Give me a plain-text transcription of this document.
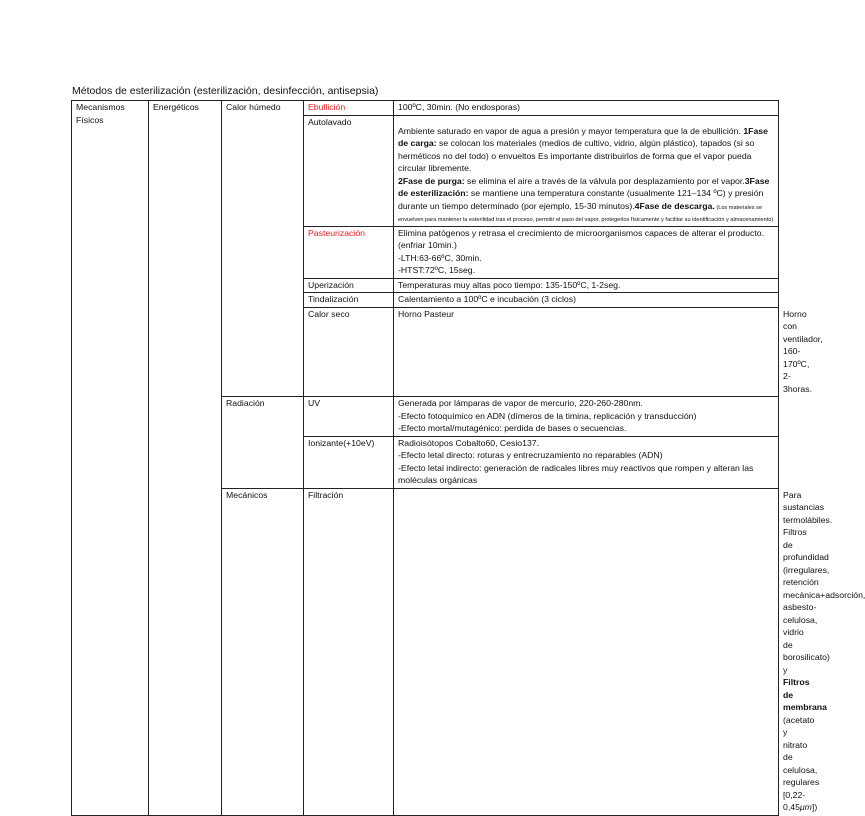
Métodos de esterilización (esterilización, desinfección, antisepsia)
Mecanismos Físicos	Energéticos	Calor húmedo	Ebullición	100ºC, 30min. (No endosporas)	
			Autolavado	Ambiente saturado en vapor de agua a presión y mayor temperatura que la de ebullición. 1Fase de carga: se colocan los materiales (medios de cultivo, vidrio, algún plástico), tapados (si so herméticos no del todo) o envueltos Es importante distribuirlos de forma que el vapor pueda circular libremente.
2Fase de purga: se elimina el aire a través de la válvula por desplazamiento por el vapor.3Fase de esterilización: se mantiene una temperatura constante (usualmente 121–134 ºC) y presión durante un tiempo determinado (por ejemplo, 15-30 minutos).4Fase de descarga. (Los materiales se envuelven para mantener la esterilidad tras el proceso, permitir el paso del vapor, protegerlos físicamente y facilitar su identificación y almacenamiento)	
			Pasteurización	Elimina patógenos y retrasa el crecimiento de microorganismos capaces de alterar el producto. (enfriar 10min.)
-LTH:63-66ºC, 30min.
-HTST:72ºC, 15seg.	

			Uperización	Temperaturas muy altas poco tiempo: 135-150ºC, 1-2seg.	
			Tindalización	Calentamiento a 100ºC e incubación (3 ciclos)	
			Calor seco	Horno Pasteur	Horno con ventilador, 160-170ºC, 2-3horas.
		Radiación	UV	Generada por lámparas de vapor de mercurio, 220-260-280nm.
-Efecto fotoquímico en ADN (dímeros de la timina, replicación y transducción)
-Efecto mortal/mutagénico: perdida de bases o secuencias.	

			Ionizante(+10eV)	Radioisótopos Cobalto60, Cesio137.
-Efecto letal directo: roturas y entrecruzamiento no reparables (ADN)
-Efecto letal indirecto: generación de radicales libres muy reactivos que rompen y alteran las moléculas orgánicas	

		Mecánicos	Filtración		Para sustancias termolábiles. Filtros de profundidad (irregulares, retención mecánica+adsorción, asbesto-celulosa, vidrio de borosilicato) y Filtros de membrana (acetato y nitrato de celulosa, regulares [0,22-0,45μm])
